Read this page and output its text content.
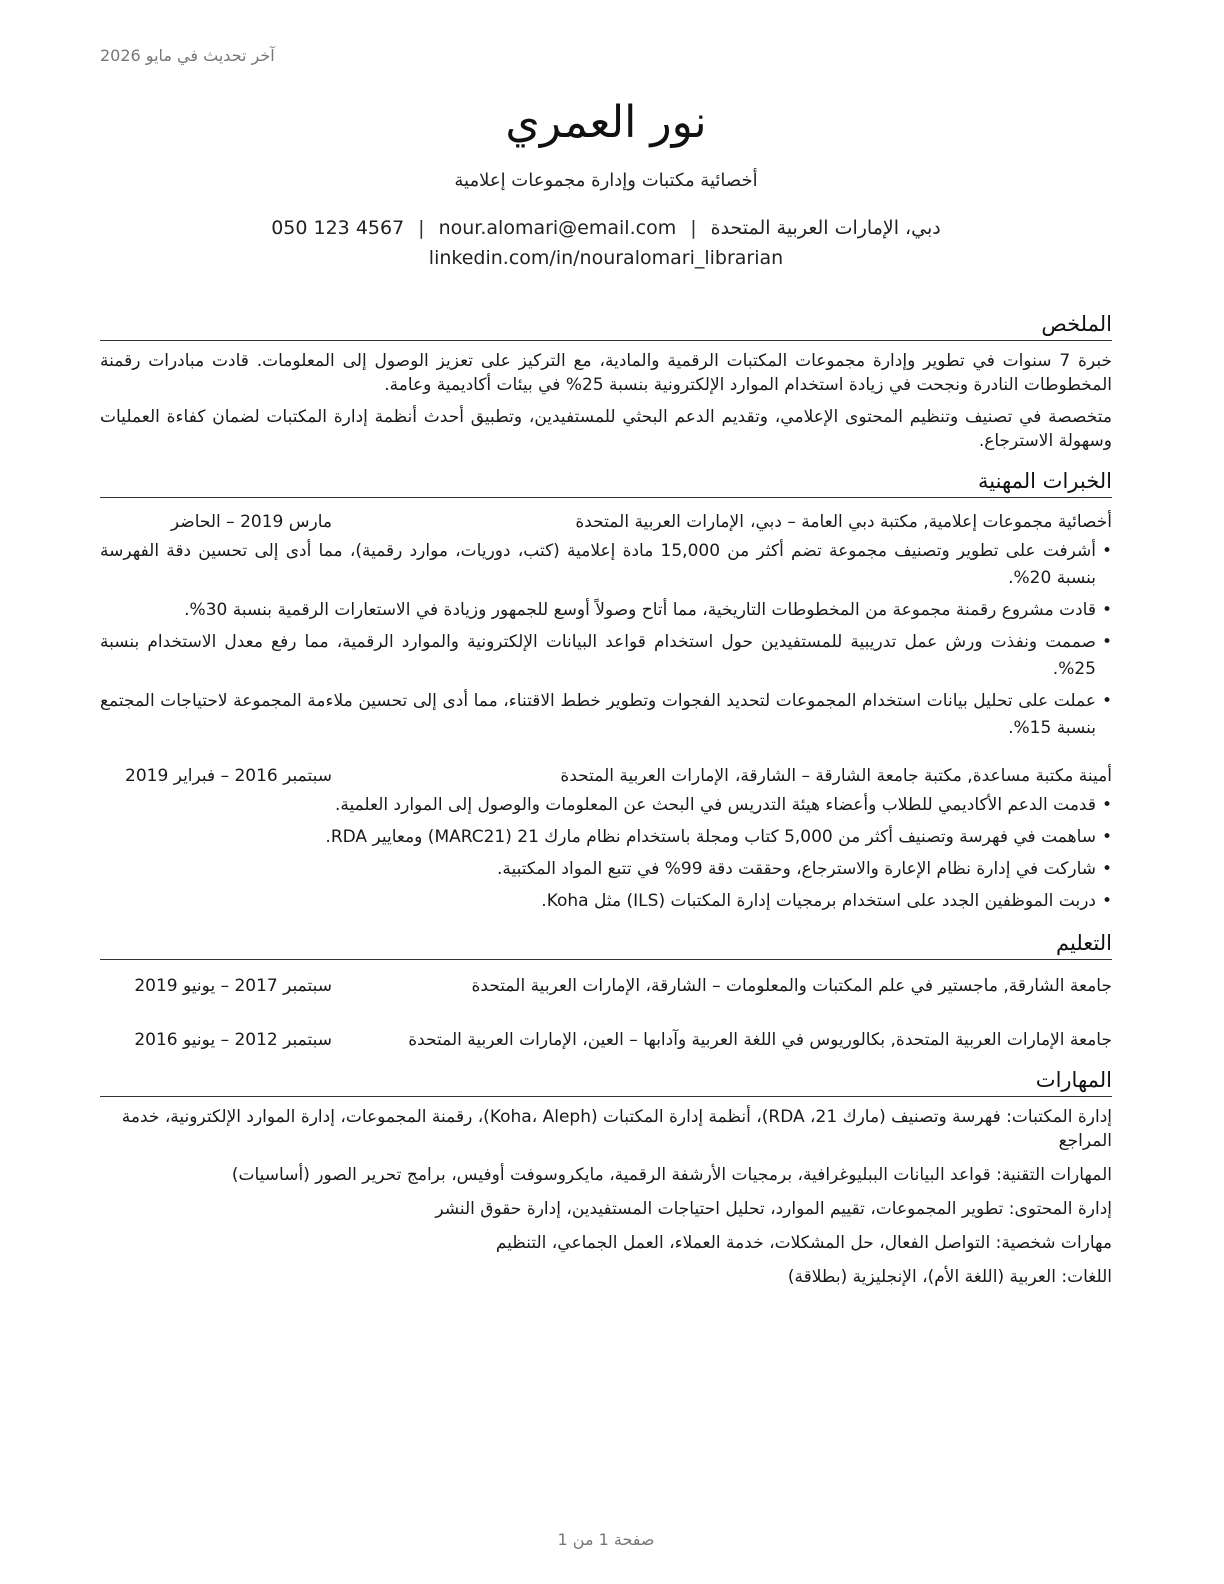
آخر تحديث في مايو 2026
نور العمري
أخصائية مكتبات وإدارة مجموعات إعلامية
دبي، الإمارات العربية المتحدة|nour.alomari@email.com|050 123 4567
linkedin.com/in/nouralomari_librarian
الملخص

خبرة 7 سنوات في تطوير وإدارة مجموعات المكتبات الرقمية والمادية، مع التركيز على تعزيز الوصول إلى المعلومات. قادت مبادرات رقمنة المخطوطات النادرة ونجحت في زيادة استخدام الموارد الإلكترونية بنسبة 25% في بيئات أكاديمية وعامة.

متخصصة في تصنيف وتنظيم المحتوى الإعلامي، وتقديم الدعم البحثي للمستفيدين، وتطبيق أحدث أنظمة إدارة المكتبات لضمان كفاءة العمليات وسهولة الاسترجاع.

الخبرات المهنية
أخصائية مجموعات إعلامية, مكتبة دبي العامة – دبي،
الإمارات العربية المتحدة
مارس 2019 – الحاضر
• أشرفت على تطوير وتصنيف مجموعة تضم أكثر من 15,000 مادة إعلامية (كتب، دوريات، موارد رقمية)، مما أدى إلى تحسين دقة الفهرسة بنسبة 20%.
• قادت مشروع رقمنة مجموعة من المخطوطات التاريخية، مما أتاح وصولاً أوسع للجمهور وزيادة في الاستعارات الرقمية بنسبة 30%.
• صممت ونفذت ورش عمل تدريبية للمستفيدين حول استخدام قواعد البيانات الإلكترونية والموارد الرقمية، مما رفع معدل الاستخدام بنسبة 25%.
• عملت على تحليل بيانات استخدام المجموعات لتحديد الفجوات وتطوير خطط الاقتناء، مما أدى إلى تحسين ملاءمة المجموعة لاحتياجات المجتمع بنسبة 15%.
أمينة مكتبة مساعدة, مكتبة جامعة الشارقة – الشارقة،
الإمارات العربية المتحدة
سبتمبر 2016 – فبراير 2019
• قدمت الدعم الأكاديمي للطلاب وأعضاء هيئة التدريس في البحث عن المعلومات والوصول إلى الموارد العلمية.
• ساهمت في فهرسة وتصنيف أكثر من 5,000 كتاب ومجلة باستخدام نظام مارك 21 (MARC21) ومعايير RDA.
• شاركت في إدارة نظام الإعارة والاسترجاع، وحققت دقة 99% في تتبع المواد المكتبية.
• دربت الموظفين الجدد على استخدام برمجيات إدارة المكتبات (ILS) مثل Koha.
التعليم
جامعة الشارقة, ماجستير في علم المكتبات والمعلومات – الشارقة، الإمارات العربية المتحدة
سبتمبر 2017 – يونيو 2019
جامعة الإمارات العربية المتحدة, بكالوريوس في اللغة العربية وآدابها – العين، الإمارات العربية المتحدة
سبتمبر 2012 – يونيو 2016
المهارات

إدارة المكتبات: فهرسة وتصنيف (مارك 21، RDA)، أنظمة إدارة المكتبات (Koha، Aleph)، رقمنة المجموعات، إدارة الموارد الإلكترونية، خدمة المراجع

المهارات التقنية: قواعد البيانات الببليوغرافية، برمجيات الأرشفة الرقمية، مايكروسوفت أوفيس، برامج تحرير الصور (أساسيات)

إدارة المحتوى: تطوير المجموعات، تقييم الموارد، تحليل احتياجات المستفيدين، إدارة حقوق النشر

مهارات شخصية: التواصل الفعال، حل المشكلات، خدمة العملاء، العمل الجماعي، التنظيم

اللغات: العربية (اللغة الأم)، الإنجليزية (بطلاقة)

صفحة 1 من 1
